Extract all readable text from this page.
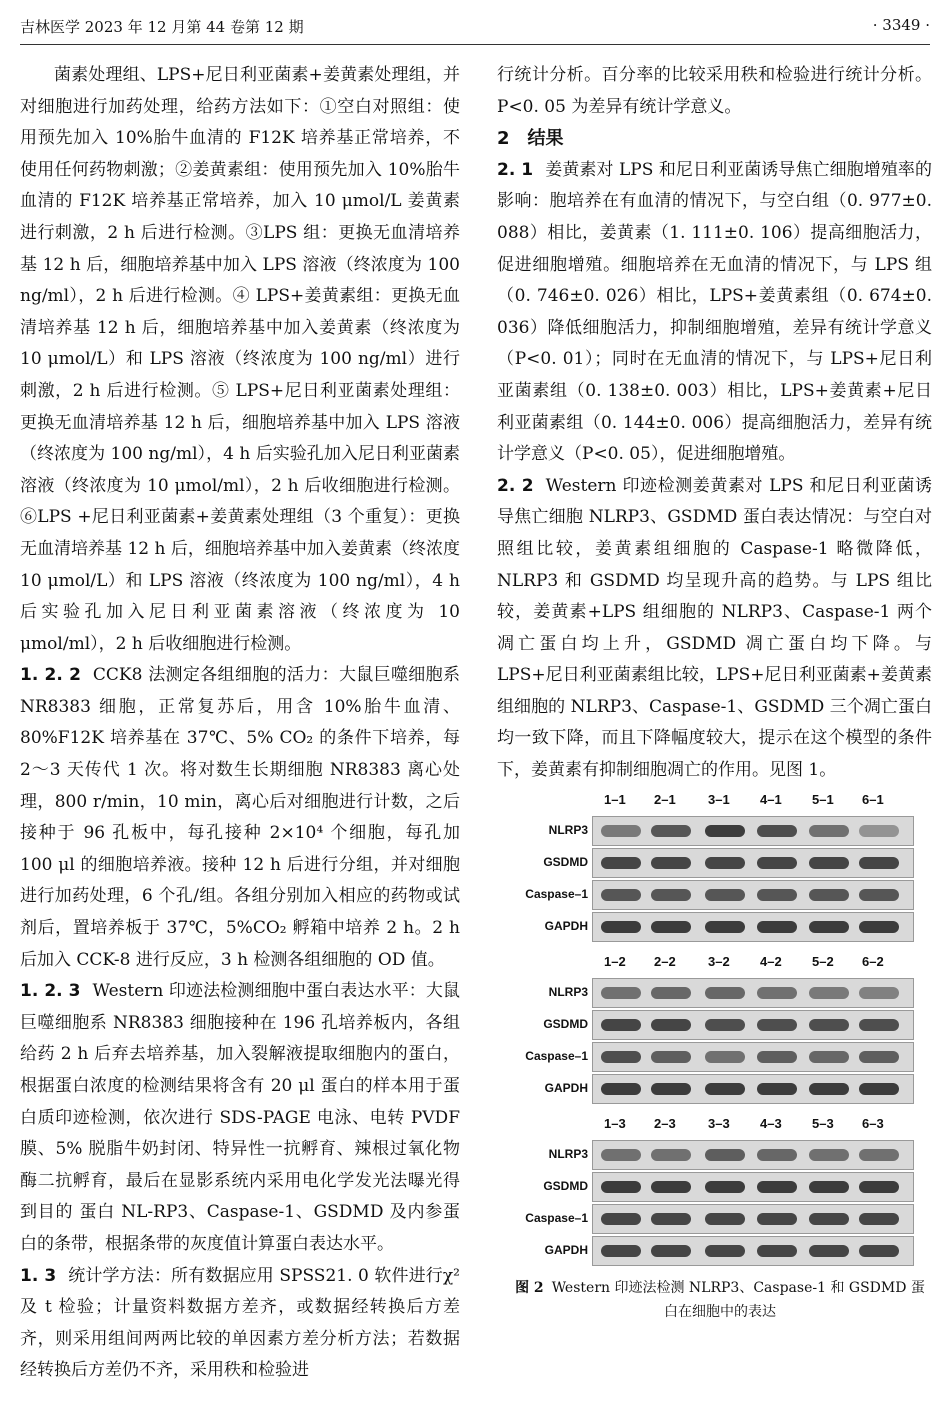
吉林医学 2023 年 12 月第 44 卷第 12 期	· 3349 ·

菌素处理组、LPS+尼日利亚菌素+姜黄素处理组，并对细胞进行加药处理，给药方法如下：①空白对照组：使用预先加入 10%胎牛血清的 F12K 培养基正常培养，不使用任何药物刺激；②姜黄素组：使用预先加入 10%胎牛血清的 F12K 培养基正常培养，加入 10 μmol/L 姜黄素进行刺激，2 h 后进行检测。③LPS 组：更换无血清培养基 12 h 后，细胞培养基中加入 LPS 溶液（终浓度为 100 ng/ml），2 h 后进行检测。④ LPS+姜黄素组：更换无血清培养基 12 h 后，细胞培养基中加入姜黄素（终浓度为 10 μmol/L）和 LPS 溶液（终浓度为 100 ng/ml）进行刺激，2 h 后进行检测。⑤ LPS+尼日利亚菌素处理组：更换无血清培养基 12 h 后，细胞培养基中加入 LPS 溶液（终浓度为 100 ng/ml），4 h 后实验孔加入尼日利亚菌素溶液（终浓度为 10 μmol/ml），2 h 后收细胞进行检测。⑥LPS +尼日利亚菌素+姜黄素处理组（3 个重复）：更换无血清培养基 12 h 后，细胞培养基中加入姜黄素（终浓度 10 μmol/L）和 LPS 溶液（终浓度为 100 ng/ml），4 h 后实验孔加入尼日利亚菌素溶液（终浓度为 10 μmol/ml），2 h 后收细胞进行检测。

1. 2. 2 CCK8 法测定各组细胞的活力：大鼠巨噬细胞系 NR8383 细胞，正常复苏后，用含 10%胎牛血清、80%F12K 培养基在 37℃、5% CO₂ 的条件下培养，每 2～3 天传代 1 次。将对数生长期细胞 NR8383 离心处理，800 r/min，10 min，离心后对细胞进行计数，之后接种于 96 孔板中，每孔接种 2×10⁴ 个细胞，每孔加 100 μl 的细胞培养液。接种 12 h 后进行分组，并对细胞进行加药处理，6 个孔/组。各组分别加入相应的药物或试剂后，置培养板于 37℃，5%CO₂ 孵箱中培养 2 h。2 h 后加入 CCK-8 进行反应，3 h 检测各组细胞的 OD 值。

1. 2. 3 Western 印迹法检测细胞中蛋白表达水平：大鼠巨噬细胞系 NR8383 细胞接种在 196 孔培养板内，各组给药 2 h 后弃去培养基，加入裂解液提取细胞内的蛋白，根据蛋白浓度的检测结果将含有 20 μl 蛋白的样本用于蛋白质印迹检测，依次进行 SDS-PAGE 电泳、电转 PVDF 膜、5% 脱脂牛奶封闭、特异性一抗孵育、辣根过氧化物酶二抗孵育，最后在显影系统内采用电化学发光法曝光得到目的 蛋白 NL-RP3、Caspase-1、GSDMD 及内参蛋白的条带，根据条带的灰度值计算蛋白表达水平。

1. 3 统计学方法：所有数据应用 SPSS21. 0 软件进行χ² 及 t 检验；计量资料数据方差齐，或数据经转换后方差齐，则采用组间两两比较的单因素方差分析方法；若数据经转换后方差仍不齐，采用秩和检验进

行统计分析。百分率的比较采用秩和检验进行统计分析。P<0. 05 为差异有统计学意义。

2　结果

2. 1 姜黄素对 LPS 和尼日利亚菌诱导焦亡细胞增殖率的影响：胞培养在有血清的情况下，与空白组（0. 977±0. 088）相比，姜黄素（1. 111±0. 106）提高细胞活力，促进细胞增殖。细胞培养在无血清的情况下，与 LPS 组（0. 746±0. 026）相比，LPS+姜黄素组（0. 674±0. 036）降低细胞活力，抑制细胞增殖，差异有统计学意义（P<0. 01）；同时在无血清的情况下，与 LPS+尼日利亚菌素组（0. 138±0. 003）相比，LPS+姜黄素+尼日利亚菌素组（0. 144±0. 006）提高细胞活力，差异有统计学意义（P<0. 05），促进细胞增殖。

2. 2 Western 印迹检测姜黄素对 LPS 和尼日利亚菌诱导焦亡细胞 NLRP3、GSDMD 蛋白表达情况：与空白对照组比较，姜黄素组细胞的 Caspase-1 略微降低，NLRP3 和 GSDMD 均呈现升高的趋势。与 LPS 组比较，姜黄素+LPS 组细胞的 NLRP3、Caspase-1 两个凋亡蛋白均上升，GSDMD 凋亡蛋白均下降。与 LPS+尼日利亚菌素组比较，LPS+尼日利亚菌素+姜黄素组细胞的 NLRP3、Caspase-1、GSDMD 三个凋亡蛋白均一致下降，而且下降幅度较大，提示在这个模型的条件下，姜黄素有抑制细胞凋亡的作用。见图 1。

1–1 2–1 3–1 4–1 5–1 6–1
NLRP3
GSDMD
Caspase–1
GAPDH
1–2 2–2 3–2 4–2 5–2 6–2
NLRP3
GSDMD
Caspase–1
GAPDH
1–3 2–3 3–3 4–3 5–3 6–3
NLRP3
GSDMD
Caspase–1
GAPDH
图 2 Western 印迹法检测 NLRP3、Caspase-1 和 GSDMD 蛋白在细胞中的表达
